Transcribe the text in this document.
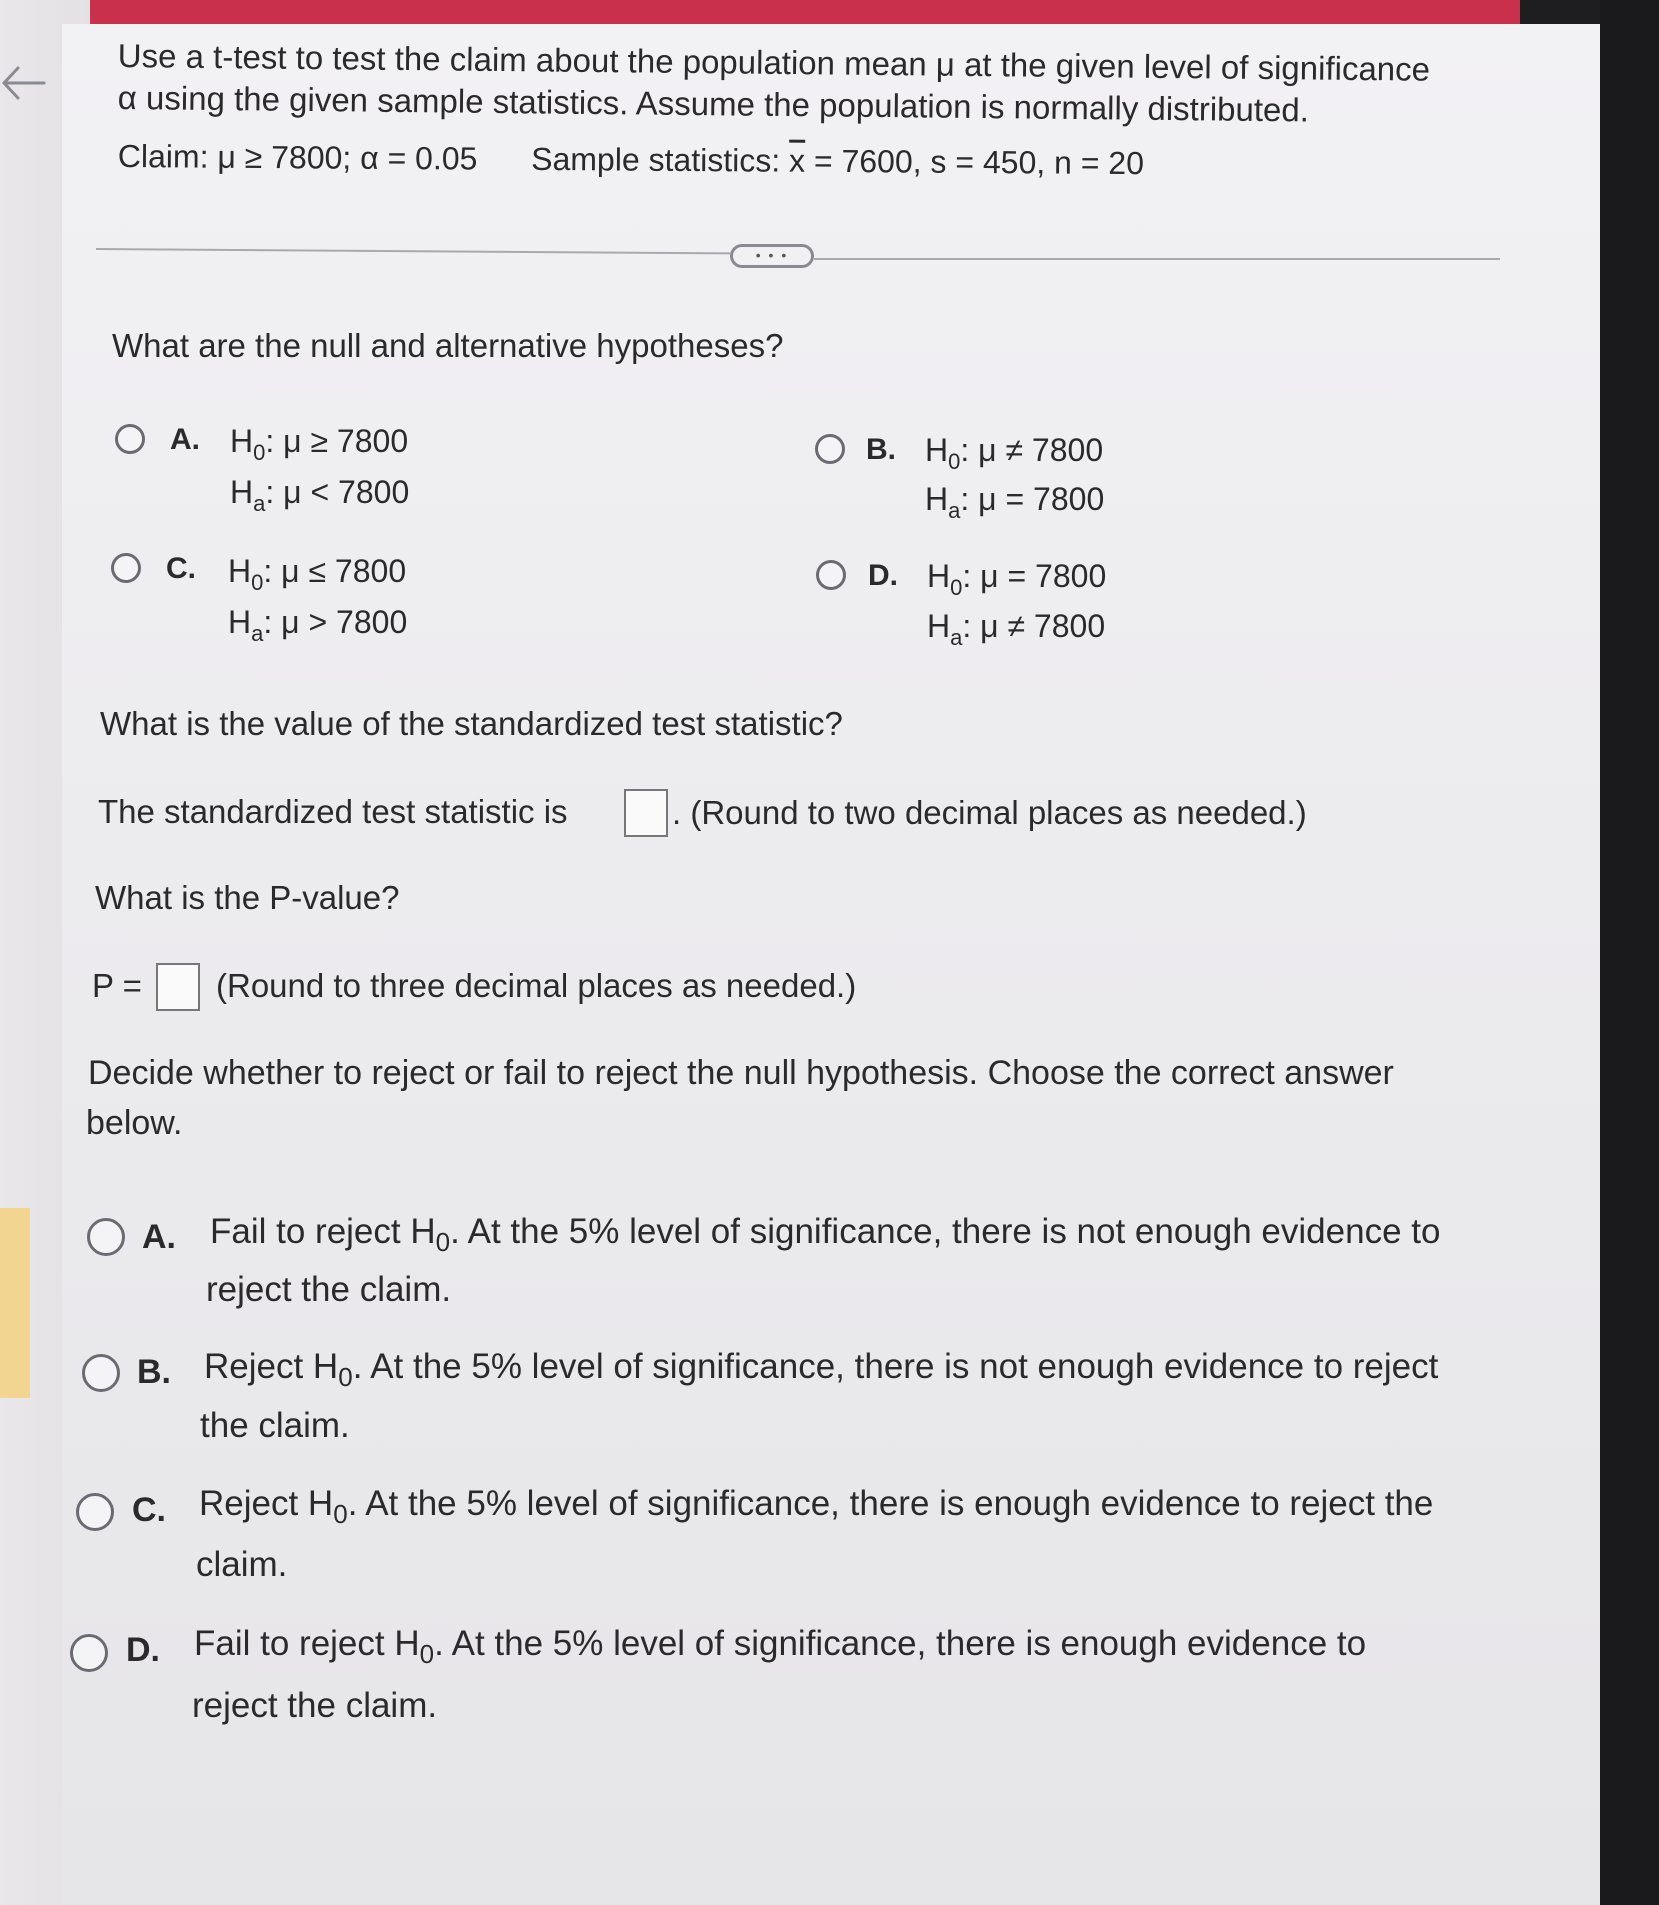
Use a t-test to test the claim about the population mean μ at the given level of significance
α using the given sample statistics. Assume the population is normally distributed.
Claim: μ ≥ 7800; α = 0.05 Sample statistics: $\overline{x} = 7600$, s = 450, n = 20
• • •
What are the null and alternative hypotheses?
A. $H_0$: μ ≥ 7800
$H_a$: μ < 7800
B. $H_0$: μ ≠ 7800
$H_a$: μ = 7800
C. $H_0$: μ ≤ 7800
$H_a$: μ > 7800
D. $H_0$: μ = 7800
$H_a$: μ ≠ 7800
What is the value of the standardized test statistic?
The standardized test statistic is	. (Round to two decimal places as needed.)
What is the P-value?
P = (Round to three decimal places as needed.)
Decide whether to reject or fail to reject the null hypothesis. Choose the correct answer
below.
A. Fail to reject $H_0$. At the 5% level of significance, there is not enough evidence to
reject the claim.
B. Reject $H_0$. At the 5% level of significance, there is not enough evidence to reject
the claim.
C. Reject $H_0$. At the 5% level of significance, there is enough evidence to reject the
claim.
D. Fail to reject $H_0$. At the 5% level of significance, there is enough evidence to
reject the claim.
